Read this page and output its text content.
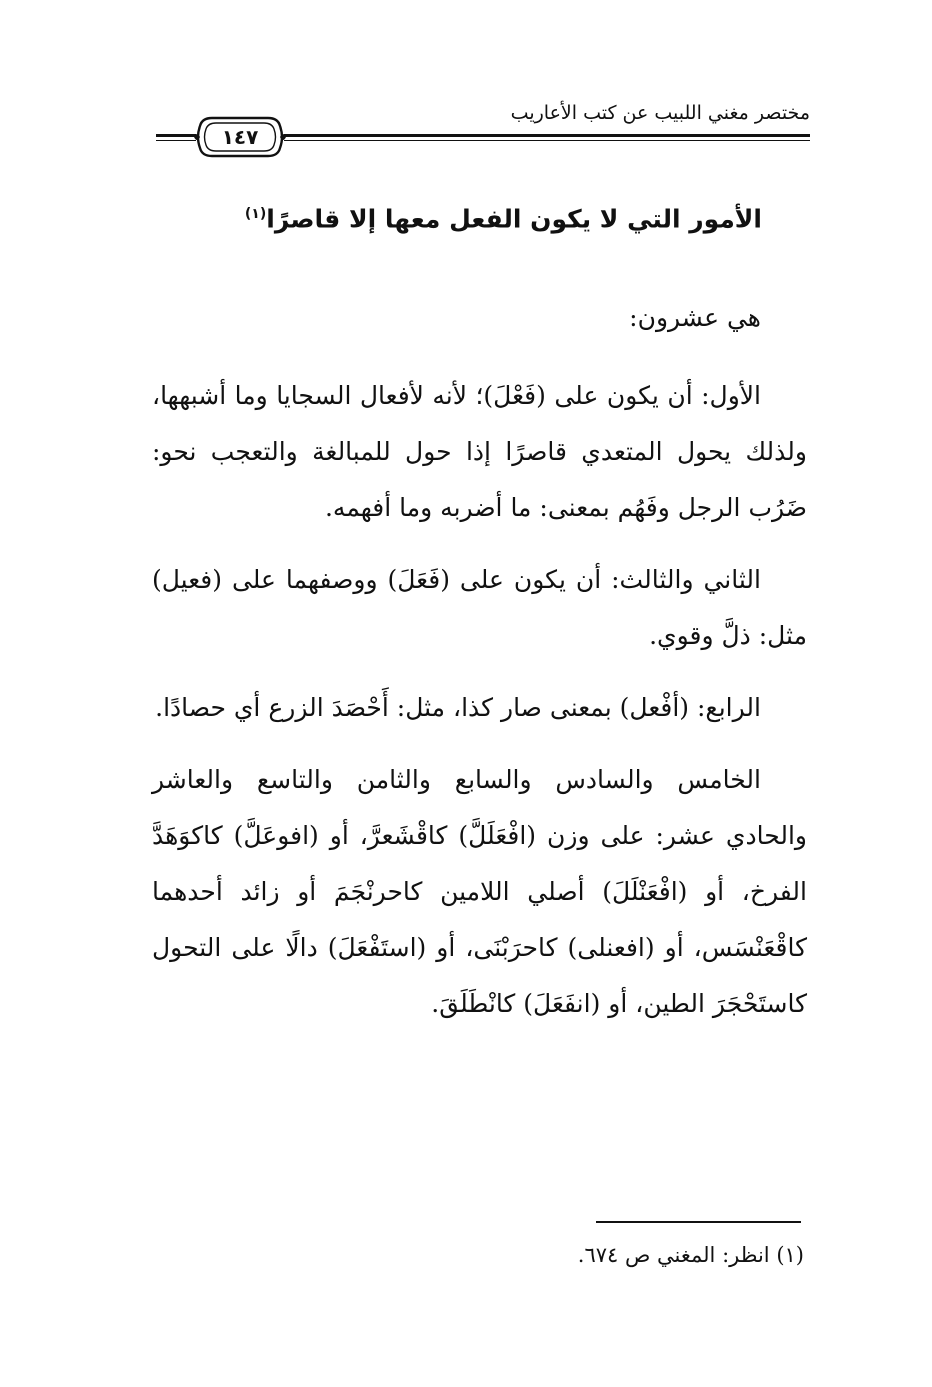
مختصر مغني اللبيب عن كتب الأعاريب
١٤٧
الأمور التي لا يكون الفعل معها إلا قاصرًا$^{(١)}$

هي عشرون:

الأول: أن يكون على (فَعْلَ)؛ لأنه لأفعال السجايا وما أشبهها، ولذلك يحول المتعدي قاصرًا إذا حول للمبالغة والتعجب نحو: ضَرُب الرجل وفَهُم بمعنى: ما أضربه وما أفهمه.

الثاني والثالث: أن يكون على (فَعَلَ) ووصفهما على (فعيل) مثل: ذلَّ وقوي.

الرابع: (أفْعل) بمعنى صار كذا، مثل: أَحْصَدَ الزرع أي حصادًا.

الخامس والسادس والسابع والثامن والتاسع والعاشر والحادي عشر: على وزن (افْعَلَلَّ) كاقْشَعرَّ، أو (افوعَلَّ) كاكوَهَدَّ الفرخ، أو (افْعَنْلَلَ) أصلي اللامين كاحرنْجَمَ أو زائد أحدهما كاقْعَنْسَس، أو (افعنلى) كاحرَبْنَى، أو (استَفْعَلَ) دالًا على التحول كاستَحْجَرَ الطين، أو (انفَعَلَ) كانْطَلَقَ.

(١) انظر: المغني ص ٦٧٤.
